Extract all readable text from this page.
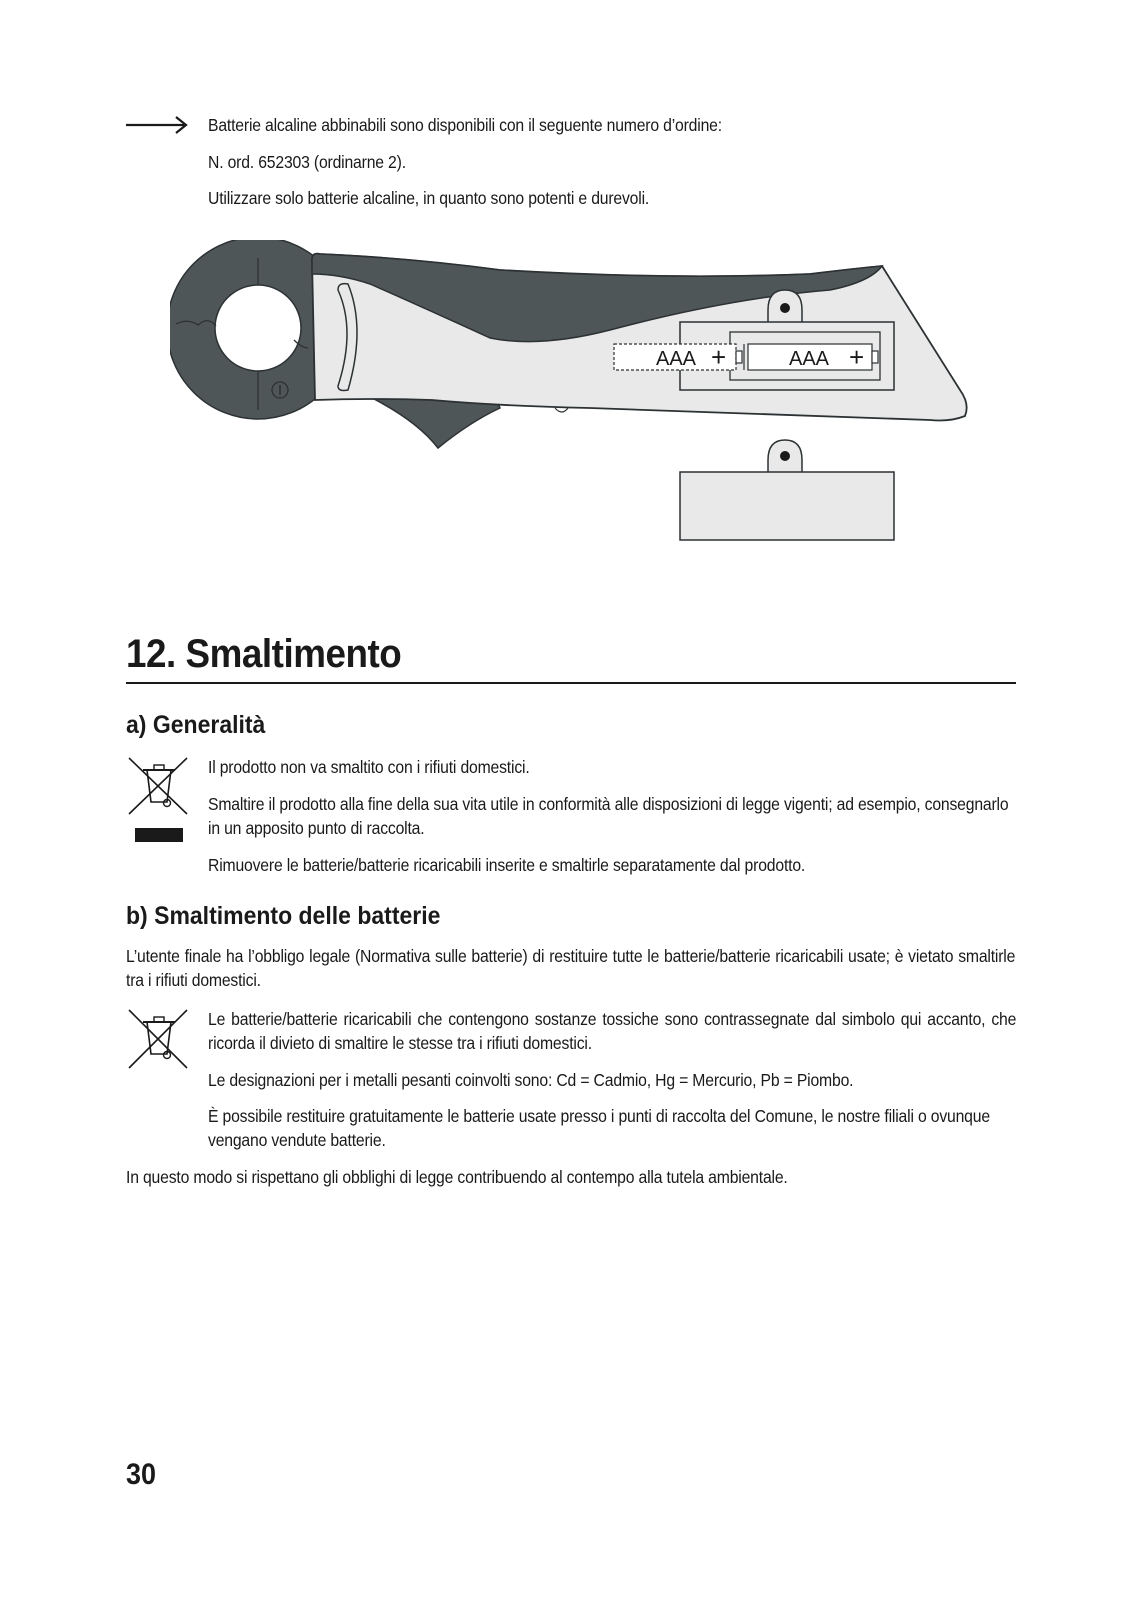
Batterie alcaline abbinabili sono disponibili con il seguente numero d’ordine:
N. ord. 652303 (ordinarne 2).
Utilizzare solo batterie alcaline, in quanto sono potenti e durevoli.
AAA +	AAA +
12. Smaltimento
a) Generalità
Il prodotto non va smaltito con i rifiuti domestici.
Smaltire il prodotto alla fine della sua vita utile in conformità alle disposizioni di legge vigenti; ad esempio, consegnarlo in un apposito punto di raccolta.
Rimuovere le batterie/batterie ricaricabili inserite e smaltirle separatamente dal prodotto.
b) Smaltimento delle batterie
L’utente finale ha l’obbligo legale (Normativa sulle batterie) di restituire tutte le batterie/batterie ricaricabili usate; è vietato smaltirle tra i rifiuti domestici.
Le batterie/batterie ricaricabili che contengono sostanze tossiche sono contrassegnate dal simbolo qui accanto, che ricorda il divieto di smaltire le stesse tra i rifiuti domestici.
Le designazioni per i metalli pesanti coinvolti sono: Cd = Cadmio, Hg = Mercurio, Pb = Piombo.
È possibile restituire gratuitamente le batterie usate presso i punti di raccolta del Comune, le nostre filiali o ovunque vengano vendute batterie.
In questo modo si rispettano gli obblighi di legge contribuendo al contempo alla tutela ambientale.
30
